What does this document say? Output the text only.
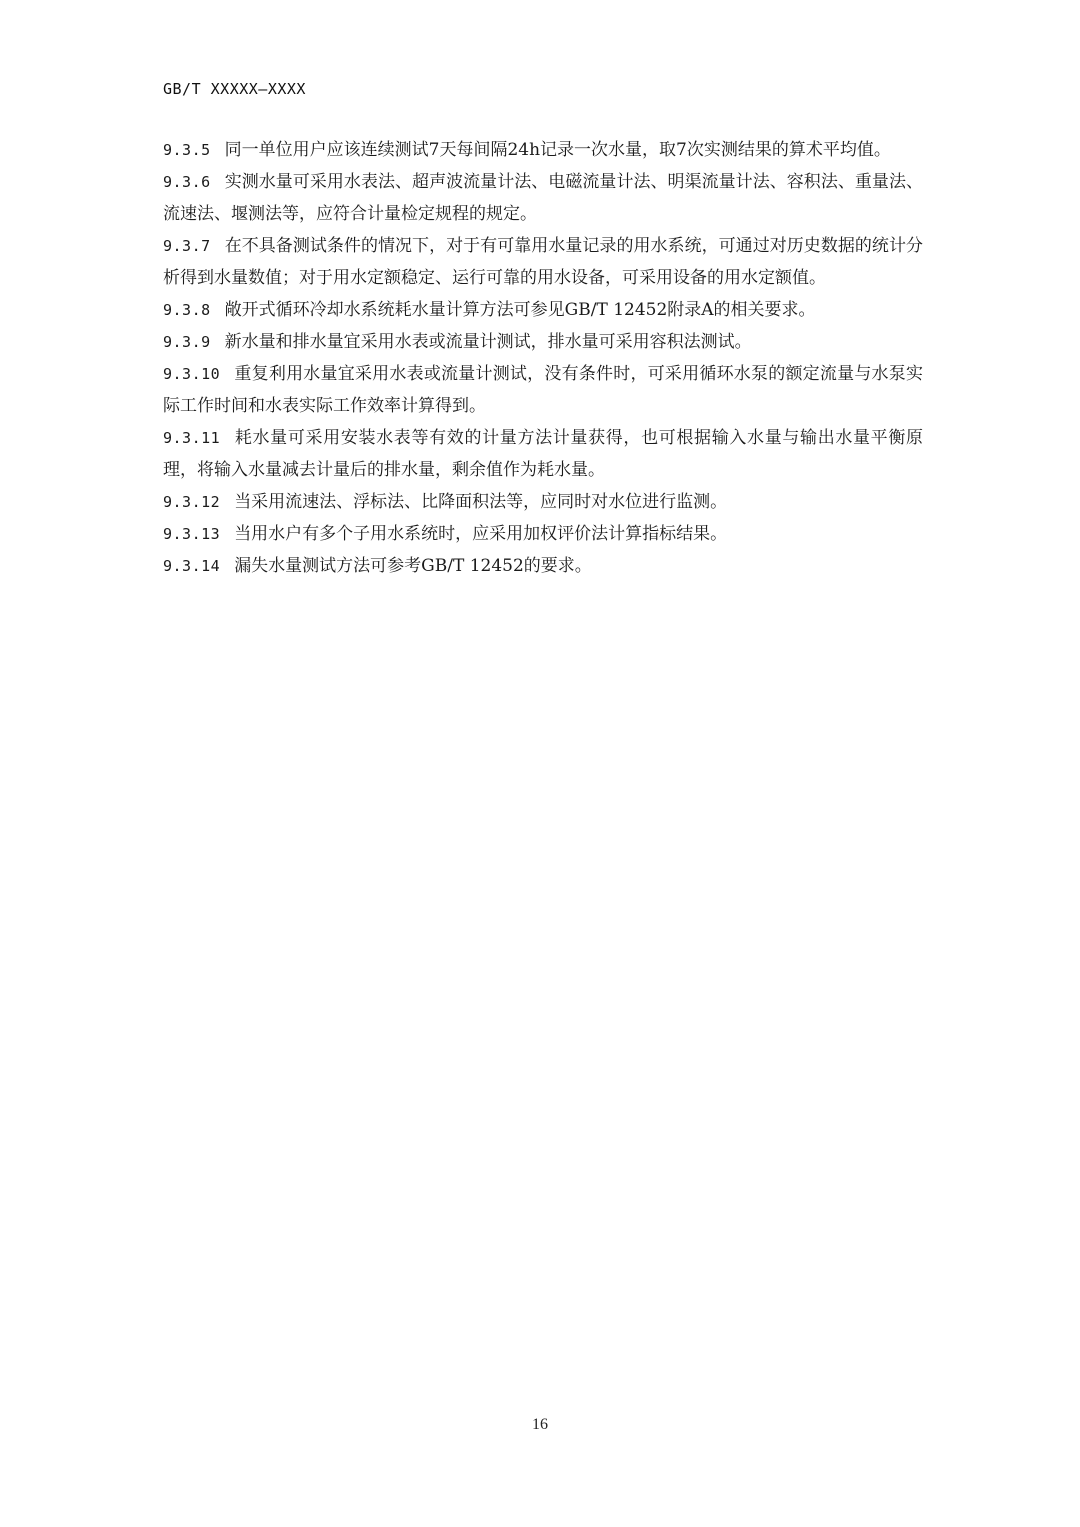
GB/T XXXXX—XXXX

9.3.5 同一单位用户应该连续测试7天每间隔24h记录一次水量，取7次实测结果的算术平均值。

9.3.6 实测水量可采用水表法、超声波流量计法、电磁流量计法、明渠流量计法、容积法、重量法、流速法、堰测法等，应符合计量检定规程的规定。

9.3.7 在不具备测试条件的情况下，对于有可靠用水量记录的用水系统，可通过对历史数据的统计分析得到水量数值；对于用水定额稳定、运行可靠的用水设备，可采用设备的用水定额值。

9.3.8 敞开式循环冷却水系统耗水量计算方法可参见GB/T 12452附录A的相关要求。

9.3.9 新水量和排水量宜采用水表或流量计测试，排水量可采用容积法测试。

9.3.10 重复利用水量宜采用水表或流量计测试，没有条件时，可采用循环水泵的额定流量与水泵实际工作时间和水表实际工作效率计算得到。

9.3.11 耗水量可采用安装水表等有效的计量方法计量获得，也可根据输入水量与输出水量平衡原理，将输入水量减去计量后的排水量，剩余值作为耗水量。

9.3.12 当采用流速法、浮标法、比降面积法等，应同时对水位进行监测。

9.3.13 当用水户有多个子用水系统时，应采用加权评价法计算指标结果。

9.3.14 漏失水量测试方法可参考GB/T 12452的要求。

16
